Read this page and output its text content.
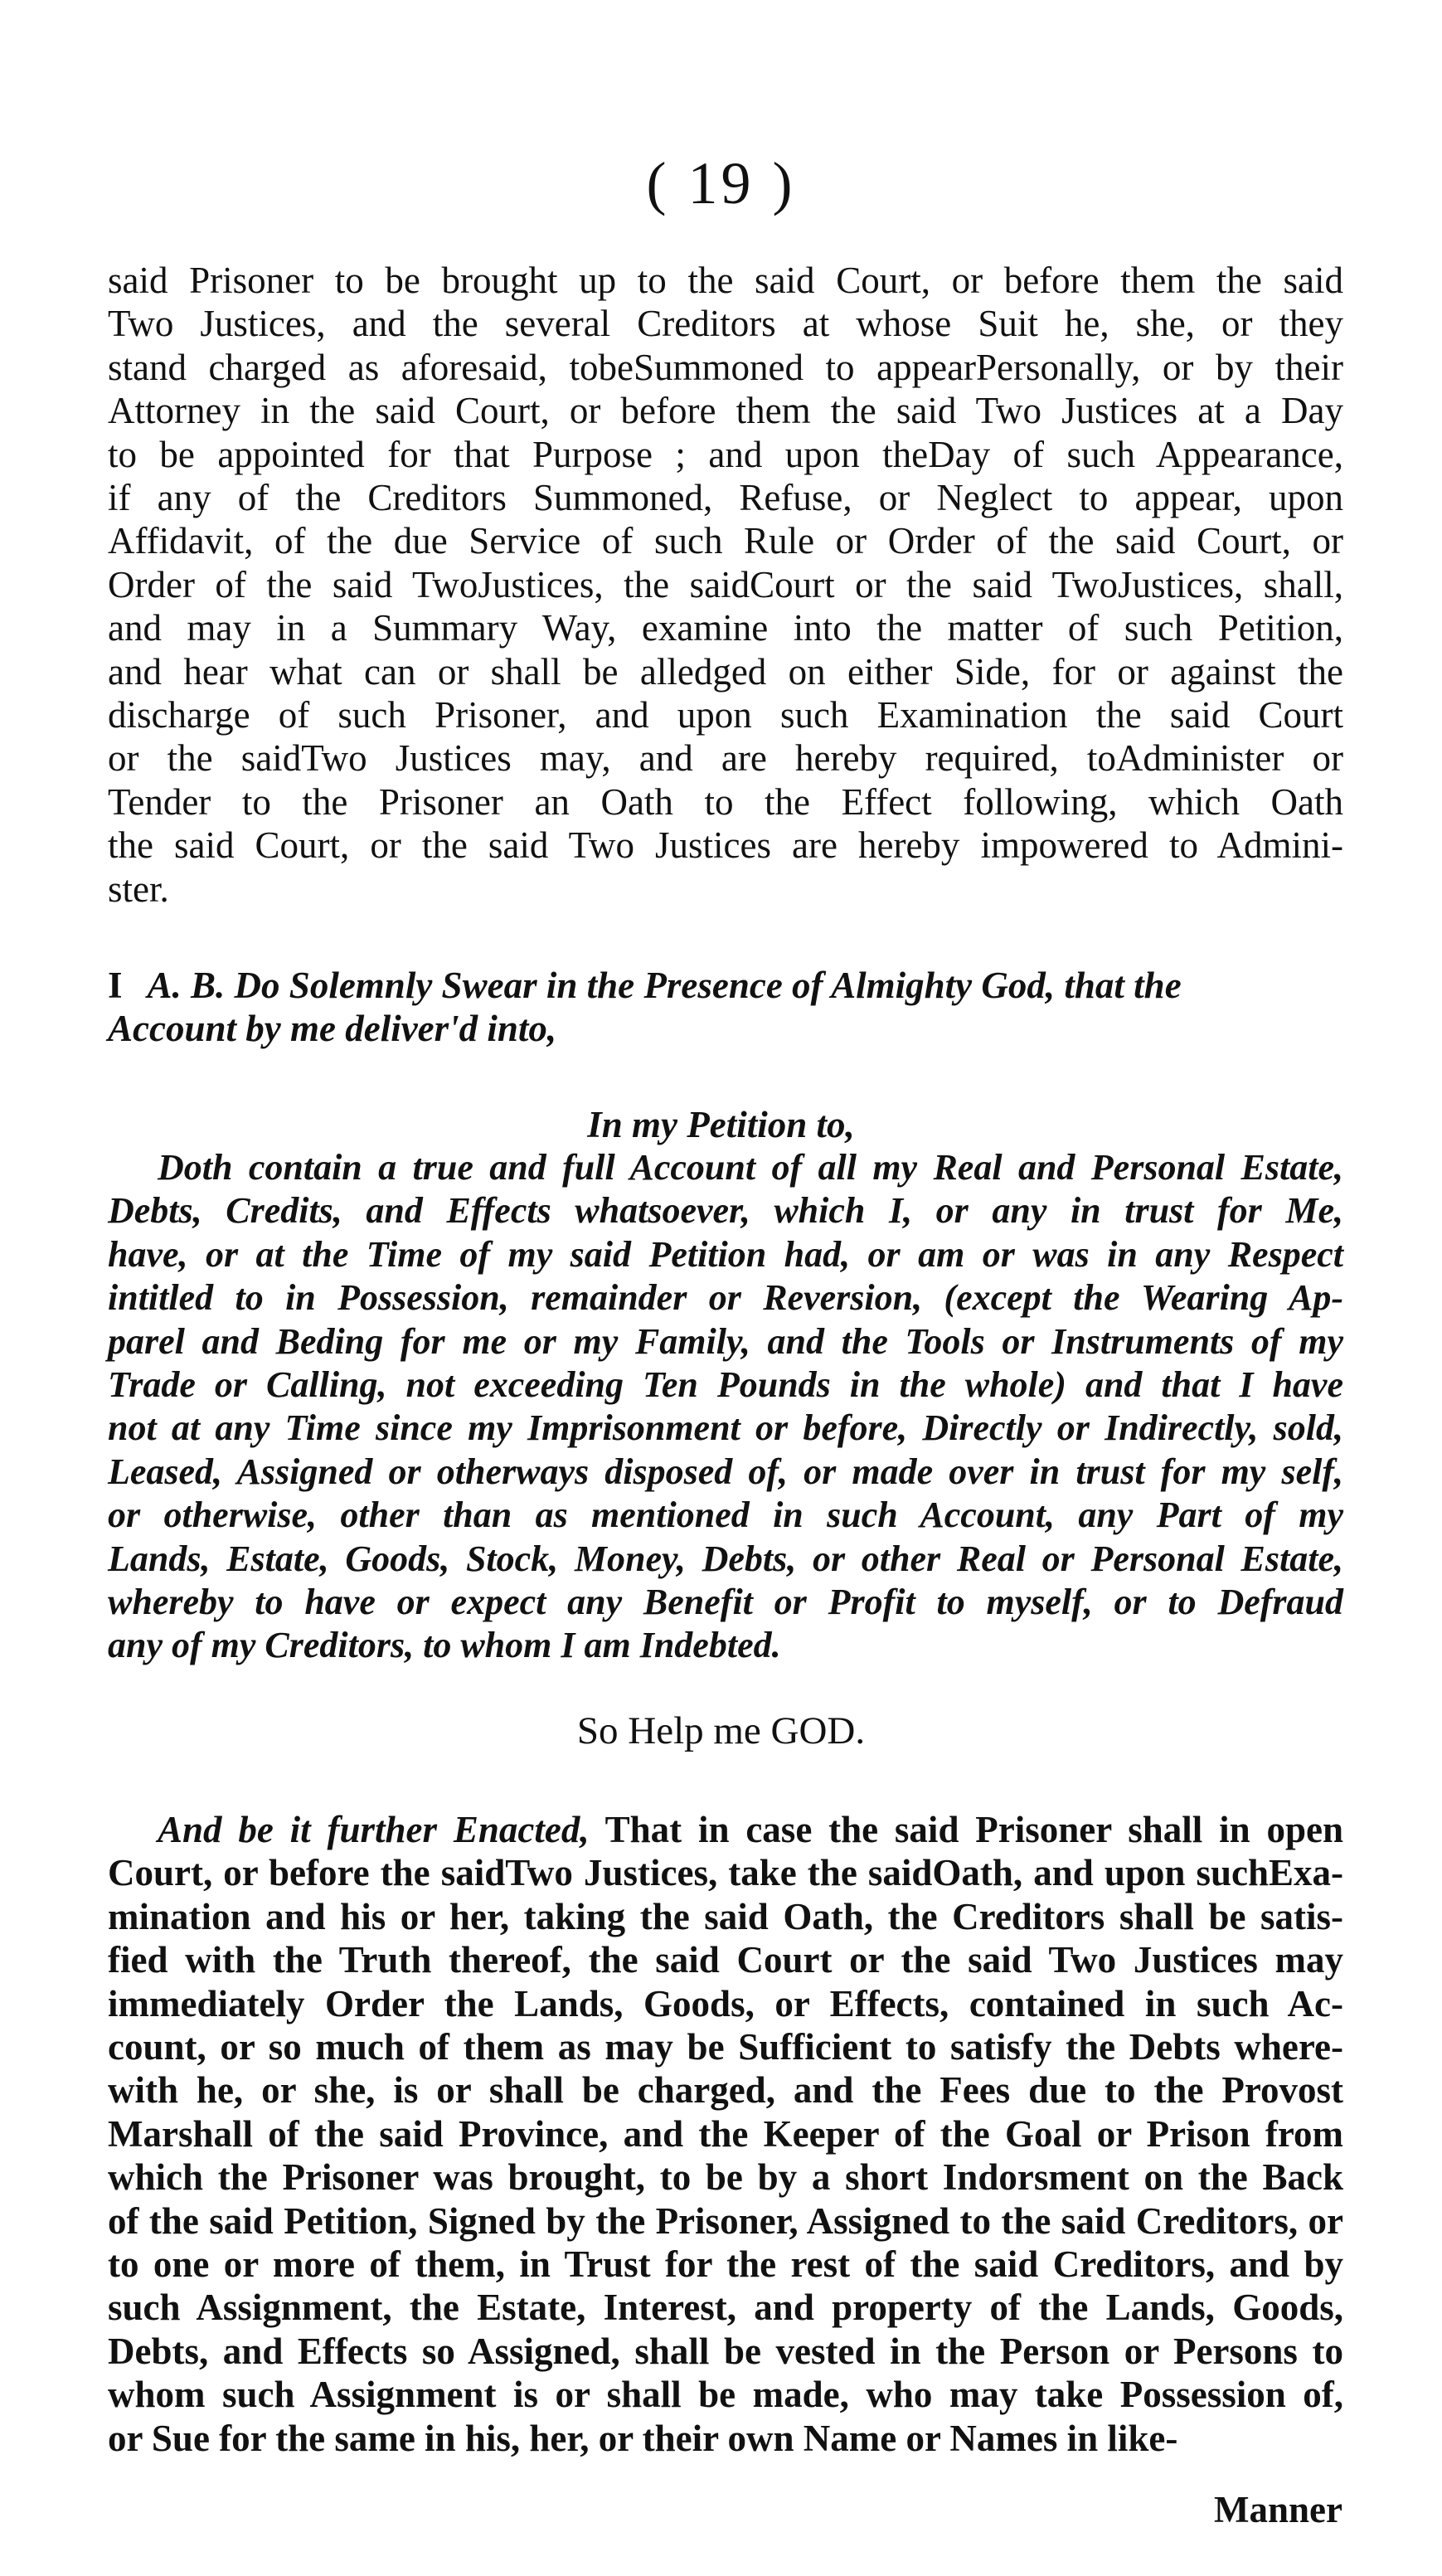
( 19 )
said Prisoner to be brought up to the said Court, or before them the said
Two Justices, and the several Creditors at whose Suit he, she, or they
stand charged as aforesaid, tobeSummoned to appearPersonally, or by their
Attorney in the said Court, or before them the said Two Justices at a Day
to be appointed for that Purpose ; and upon theDay of such Appearance,
if any of the Creditors Summoned, Refuse, or Neglect to appear, upon
Affidavit, of the due Service of such Rule or Order of the said Court, or
Order of the said TwoJustices, the saidCourt or the said TwoJustices, shall,
and may in a Summary Way, examine into the matter of such Petition,
and hear what can or shall be alledged on either Side, for or against the
discharge of such Prisoner, and upon such Examination the said Court
or the saidTwo Justices may, and are hereby required, toAdminister or
Tender to the Prisoner an Oath to the Effect following, which Oath
the said Court, or the said Two Justices are hereby impowered to Admini-
ster.
I A. B. Do Solemnly Swear in the Presence of Almighty God, that the
Account by me deliver'd into,
In my Petition to,
Doth contain a true and full Account of all my Real and Personal Estate,
Debts, Credits, and Effects whatsoever, which I, or any in trust for Me,
have, or at the Time of my said Petition had, or am or was in any Respect
intitled to in Possession, remainder or Reversion, (except the Wearing Ap-
parel and Beding for me or my Family, and the Tools or Instruments of my
Trade or Calling, not exceeding Ten Pounds in the whole) and that I have
not at any Time since my Imprisonment or before, Directly or Indirectly, sold,
Leased, Assigned or otherways disposed of, or made over in trust for my self,
or otherwise, other than as mentioned in such Account, any Part of my
Lands, Estate, Goods, Stock, Money, Debts, or other Real or Personal Estate,
whereby to have or expect any Benefit or Profit to myself, or to Defraud
any of my Creditors, to whom I am Indebted.
So Help me GOD.
And be it further Enacted, That in case the said Prisoner shall in open
Court, or before the saidTwo Justices, take the saidOath, and upon suchExa-
mination and his or her, taking the said Oath, the Creditors shall be satis-
fied with the Truth thereof, the said Court or the said Two Justices may
immediately Order the Lands, Goods, or Effects, contained in such Ac-
count, or so much of them as may be Sufficient to satisfy the Debts where-
with he, or she, is or shall be charged, and the Fees due to the Provost
Marshall of the said Province, and the Keeper of the Goal or Prison from
which the Prisoner was brought, to be by a short Indorsment on the Back
of the said Petition, Signed by the Prisoner, Assigned to the said Creditors, or
to one or more of them, in Trust for the rest of the said Creditors, and by
such Assignment, the Estate, Interest, and property of the Lands, Goods,
Debts, and Effects so Assigned, shall be vested in the Person or Persons to
whom such Assignment is or shall be made, who may take Possession of,
or Sue for the same in his, her, or their own Name or Names in like-
Manner
